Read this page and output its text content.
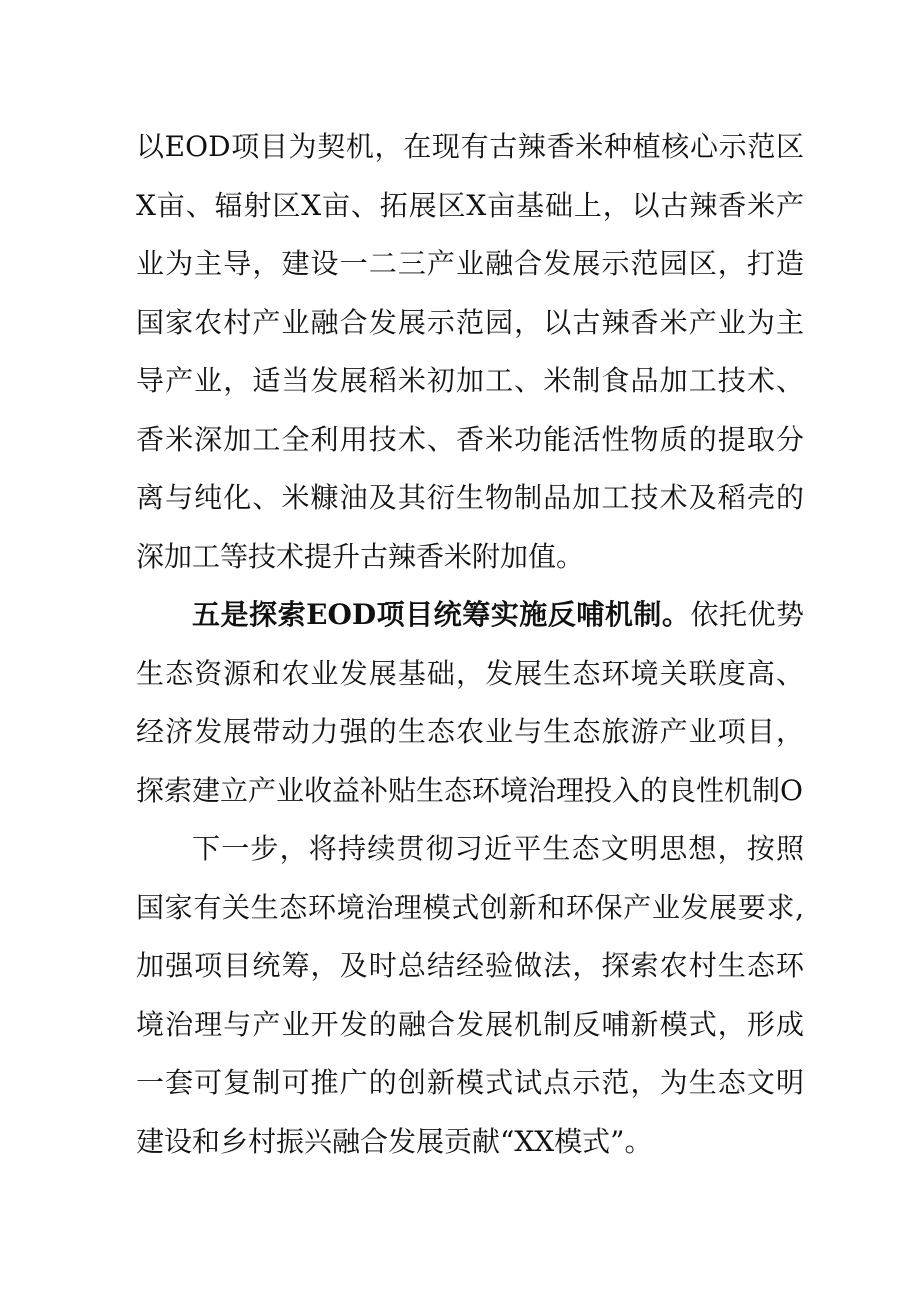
以EOD项目为契机，在现有古辣香米种植核心示范区X亩、辐射区X亩、拓展区X亩基础上，以古辣香米产业为主导，建设一二三产业融合发展示范园区，打造国家农村产业融合发展示范园，以古辣香米产业为主导产业，适当发展稻米初加工、米制食品加工技术、香米深加工全利用技术、香米功能活性物质的提取分离与纯化、米糠油及其衍生物制品加工技术及稻壳的深加工等技术提升古辣香米附加值。

五是探索EOD项目统筹实施反哺机制。依托优势生态资源和农业发展基础，发展生态环境关联度高、经济发展带动力强的生态农业与生态旅游产业项目，探索建立产业收益补贴生态环境治理投入的良性机制O

下一步，将持续贯彻习近平生态文明思想，按照国家有关生态环境治理模式创新和环保产业发展要求,加强项目统筹，及时总结经验做法，探索农村生态环境治理与产业开发的融合发展机制反哺新模式，形成一套可复制可推广的创新模式试点示范，为生态文明建设和乡村振兴融合发展贡献“XX模式”。
